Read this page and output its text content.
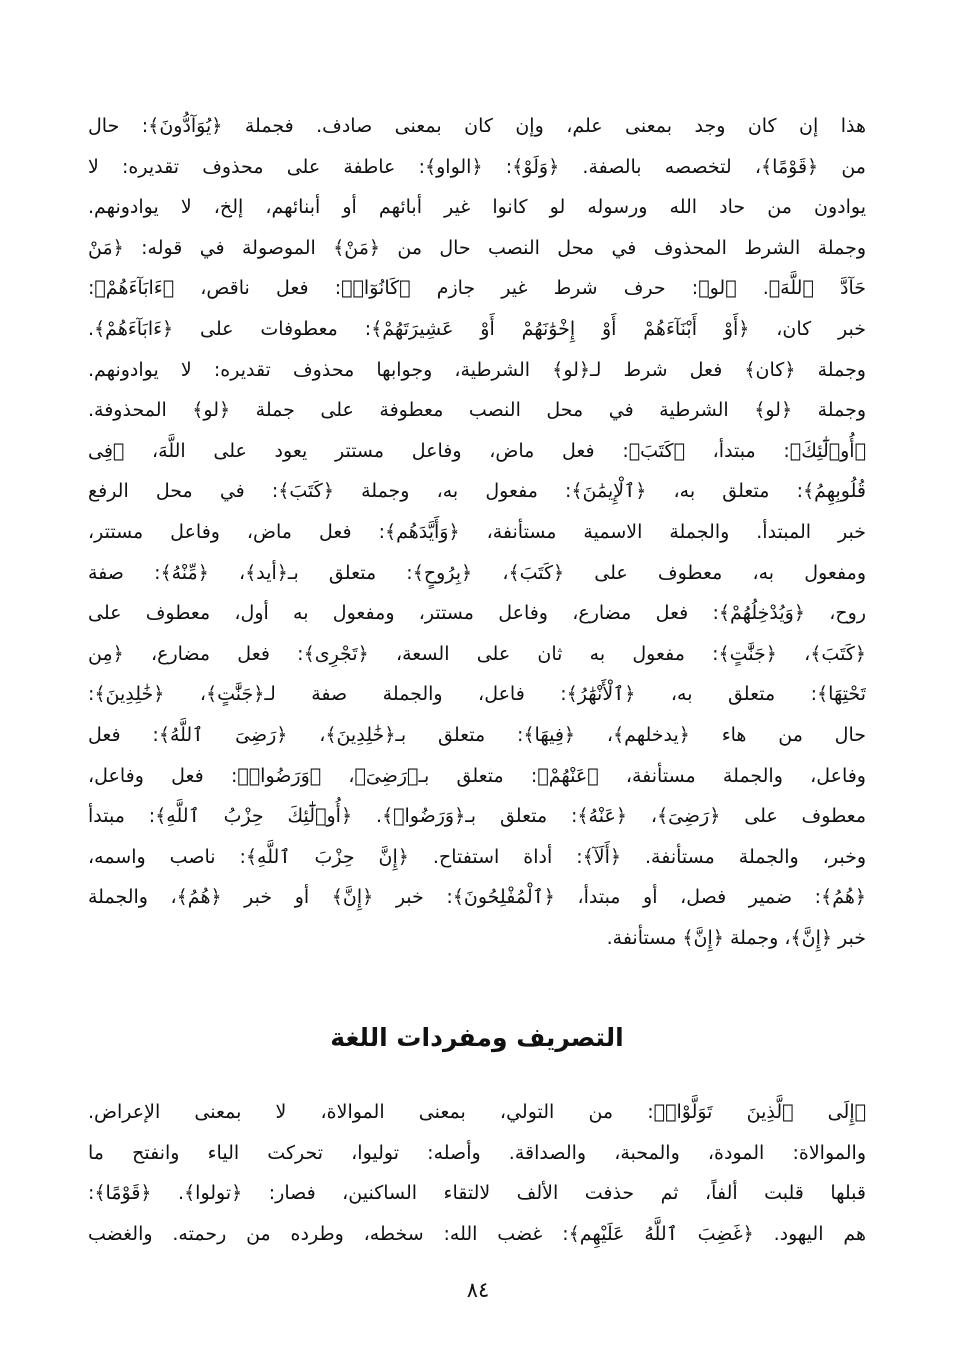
هذا إن كان وجد بمعنى علم، وإن كان بمعنى صادف. فجملة ﴿يُوَآدُّونَ﴾: حال
من ﴿قَوْمًا﴾، لتخصصه بالصفة. ﴿وَلَوْ﴾: ﴿الواو﴾: عاطفة على محذوف تقديره: لا
يوادون من حاد الله ورسوله لو كانوا غير أبائهم أو أبنائهم، إلخ، لا يوادونهم.
وجملة الشرط المحذوف في محل النصب حال من ﴿مَنْ﴾ الموصولة في قوله: ﴿مَنْ
حَآدَّ ٱللَّهَ﴾. ﴿لو﴾: حرف شرط غير جازم ﴿كَانُوٓا۟﴾: فعل ناقص، ﴿ءَابَآءَهُمْ﴾:
خبر كان، ﴿أَوْ أَبْنَآءَهُمْ أَوْ إِخْوَٰنَهُمْ أَوْ عَشِيرَتَهُمْ﴾: معطوفات على ﴿ءَابَآءَهُمْ﴾.
وجملة ﴿كان﴾ فعل شرط لـ﴿لو﴾ الشرطية، وجوابها محذوف تقديره: لا يوادونهم.
وجملة ﴿لو﴾ الشرطية في محل النصب معطوفة على جملة ﴿لو﴾ المحذوفة.
﴿أُو۟لَٰٓئِكَ﴾: مبتدأ، ﴿كَتَبَ﴾: فعل ماض، وفاعل مستتر يعود على اللَّهَ، ﴿فِى
قُلُوبِهِمُ﴾: متعلق به، ﴿ٱلْإِيمَٰنَ﴾: مفعول به، وجملة ﴿كَتَبَ﴾: في محل الرفع
خبر المبتدأ. والجملة الاسمية مستأنفة، ﴿وَأَيَّدَهُم﴾: فعل ماض، وفاعل مستتر،
ومفعول به، معطوف على ﴿كَتَبَ﴾، ﴿بِرُوحٍ﴾: متعلق بـ﴿أيد﴾، ﴿مِّنْهُ﴾: صفة
روح، ﴿وَيُدْخِلُهُمْ﴾: فعل مضارع، وفاعل مستتر، ومفعول به أول، معطوف على
﴿كَتَبَ﴾، ﴿جَنَّٰتٍ﴾: مفعول به ثان على السعة، ﴿تَجْرِى﴾: فعل مضارع، ﴿مِن
تَحْتِهَا﴾: متعلق به، ﴿ٱلْأَنْهَٰرُ﴾: فاعل، والجملة صفة لـ﴿جَنَّٰتٍ﴾، ﴿خَٰلِدِينَ﴾:
حال من هاء ﴿يدخلهم﴾، ﴿فِيهَا﴾: متعلق بـ﴿خَٰلِدِينَ﴾، ﴿رَضِىَ ٱللَّهُ﴾: فعل
وفاعل، والجملة مستأنفة، ﴿عَنْهُمْ﴾: متعلق بـ﴿رَضِىَ﴾، ﴿وَرَضُوا۟﴾: فعل وفاعل،
معطوف على ﴿رَضِىَ﴾، ﴿عَنْهُ﴾: متعلق بـ﴿وَرَضُوا۟﴾. ﴿أُو۟لَٰٓئِكَ حِزْبُ ٱللَّهِ﴾: مبتدأ
وخبر، والجملة مستأنفة. ﴿أَلَآ﴾: أداة استفتاح. ﴿إِنَّ حِزْبَ ٱللَّهِ﴾: ناصب واسمه،
﴿هُمُ﴾: ضمير فصل، أو مبتدأ، ﴿ٱلْمُفْلِحُونَ﴾: خبر ﴿إِنَّ﴾ أو خبر ﴿هُمُ﴾، والجملة
خبر ﴿إِنَّ﴾، وجملة ﴿إِنَّ﴾ مستأنفة.
التصريف ومفردات اللغة
﴿إِلَى ٱلَّذِينَ تَوَلَّوْا۟﴾: من التولي، بمعنى الموالاة، لا بمعنى الإعراض.
والموالاة: المودة، والمحبة، والصداقة. وأصله: توليوا، تحركت الياء وانفتح ما
قبلها قلبت ألفاً، ثم حذفت الألف لالتقاء الساكنين، فصار: ﴿تولوا﴾. ﴿قَوْمًا﴾:
هم اليهود. ﴿غَضِبَ ٱللَّهُ عَلَيْهِم﴾: غضب الله: سخطه، وطرده من رحمته. والغضب
٨٤
